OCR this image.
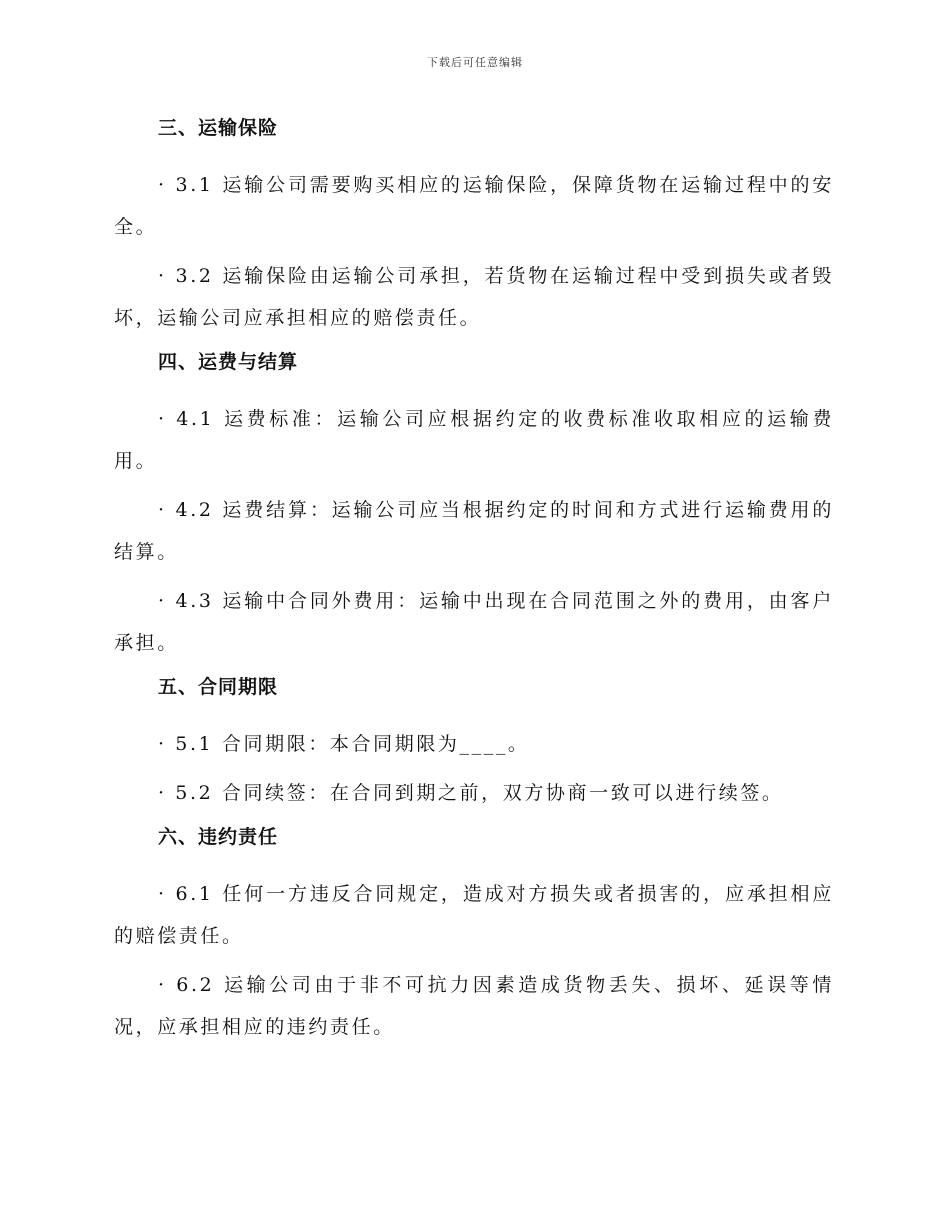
下载后可任意编辑
三、运输保险

· 3.1 运输公司需要购买相应的运输保险，保障货物在运输过程中的安全。

· 3.2 运输保险由运输公司承担，若货物在运输过程中受到损失或者毁坏，运输公司应承担相应的赔偿责任。

四、运费与结算

· 4.1 运费标准：运输公司应根据约定的收费标准收取相应的运输费用。

· 4.2 运费结算：运输公司应当根据约定的时间和方式进行运输费用的结算。

· 4.3 运输中合同外费用：运输中出现在合同范围之外的费用，由客户承担。

五、合同期限

· 5.1 合同期限：本合同期限为____。

· 5.2 合同续签：在合同到期之前，双方协商一致可以进行续签。

六、违约责任

· 6.1 任何一方违反合同规定，造成对方损失或者损害的，应承担相应的赔偿责任。

· 6.2 运输公司由于非不可抗力因素造成货物丢失、损坏、延误等情况，应承担相应的违约责任。
